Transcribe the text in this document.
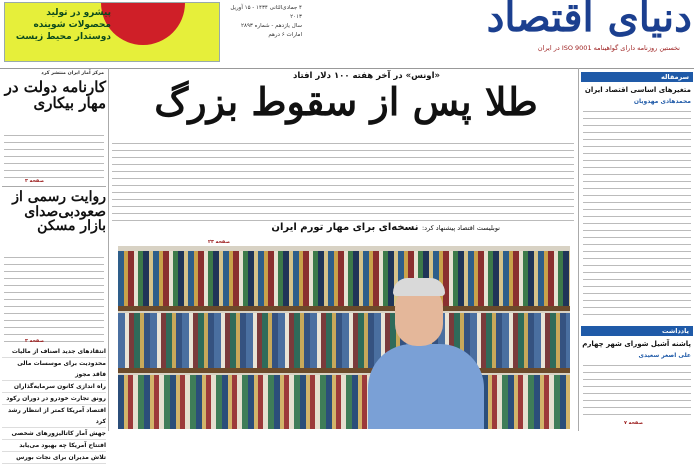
پیشرو در تولید
محصولات شوینده
دوستدار محیط زیست
۴ جمادی‌الثانی ۱۴۳۴ - ۱۵ آوریل ۲۰۱۳
سال یازدهم - شماره ۲۸۹۳
امارات ۶ درهم	دنیای اقتصاد
نخستین روزنامه دارای گواهینامه ISO 9001 در ایران
مرکز آمار ایران منتشر کرد
کارنامه دولت در مهار بیکاری
صفحه ۴
روایت رسمی از صعودبی‌صدای بازار مسکن
صفحه ۴
انتقادهای جدید اصناف از مالیات
محدودیت برای موسسات مالی فاقد مجوز
راه اندازی کانون سرمایه‌گذاران
رونق تجارت خودرو در دوران رکود
اقتصاد آمریکا کمتر از انتظار رشد کرد
جهش آمار کاتالیزورهای شخصی
افتتاح آمریکا چه بهبود می‌یابد
تلاش مدیران برای نجات بورس
«اونس» در آخر هفته ۱۰۰ دلار افتاد
طلا پس از سقوط بزرگ
نوبلیست اقتصاد پیشنهاد کرد: نسخه‌ای برای مهار تورم ایران
صفحه ۲۳
سرمقاله
متغیرهای اساسی اقتصاد ایران
محمدهادی مهدویان
یادداشت
پاشنه آشیل شورای شهر چهارم
علی اصغر سعیدی
صفحه ۷
